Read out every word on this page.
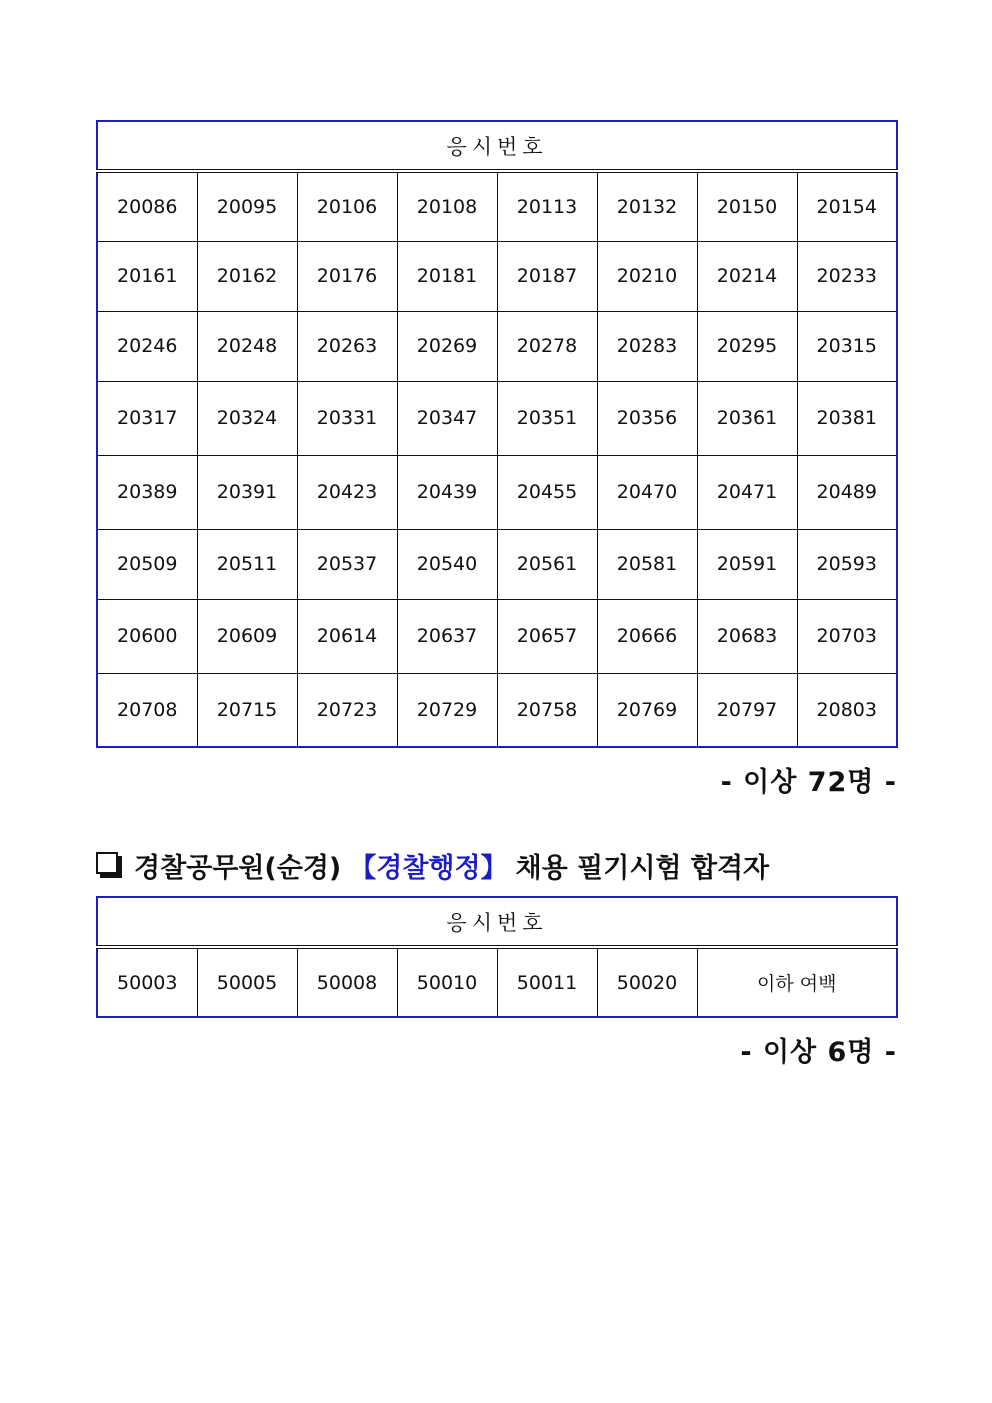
응시번호							
20086	20095	20106	20108	20113	20132	20150	20154
20161	20162	20176	20181	20187	20210	20214	20233
20246	20248	20263	20269	20278	20283	20295	20315
20317	20324	20331	20347	20351	20356	20361	20381
20389	20391	20423	20439	20455	20470	20471	20489
20509	20511	20537	20540	20561	20581	20591	20593
20600	20609	20614	20637	20657	20666	20683	20703
20708	20715	20723	20729	20758	20769	20797	20803
- 이상 72명 -
경찰공무원(순경) 【경찰행정】 채용 필기시험 합격자
응시번호
50003	50005	50008	50010	50011	50020	이하 여백
- 이상 6명 -
